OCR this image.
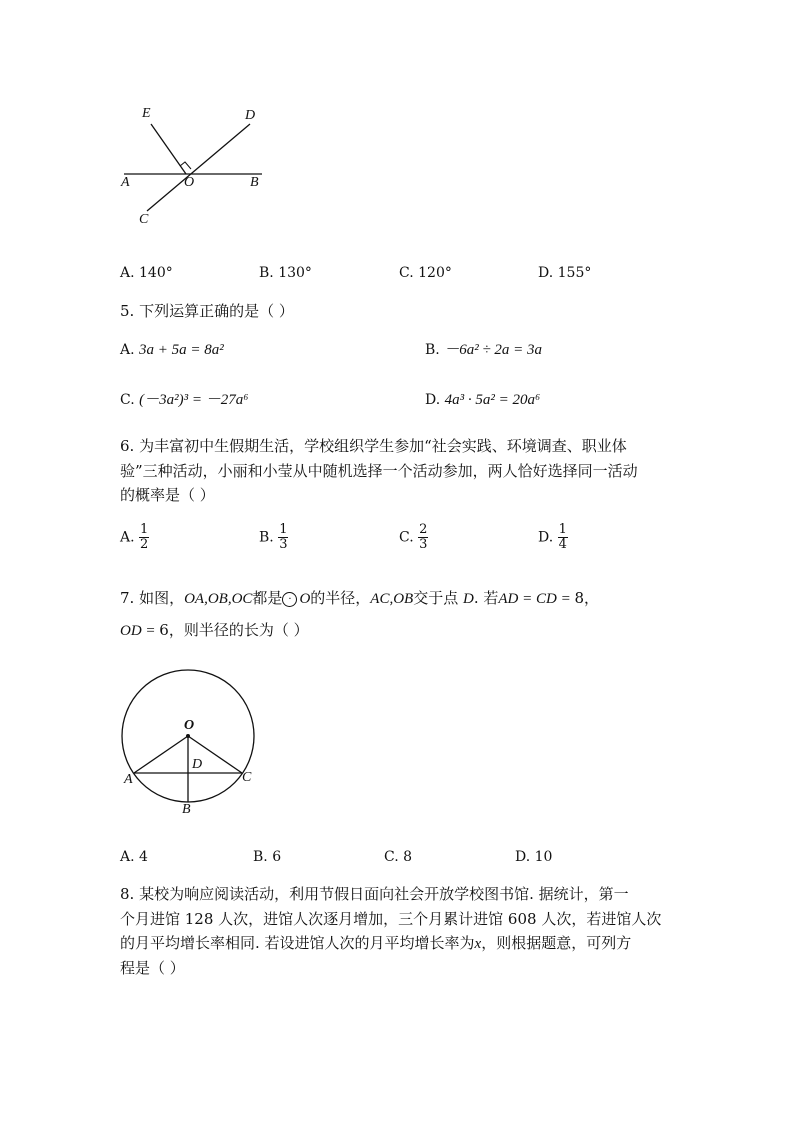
E	D
A	O	B
C
A. 140°	B. 130°	C. 120°	D. 155°
5. 下列运算正确的是（ ）
A. 3a + 5a = 8a²	B. －6a² ÷ 2a = 3a
C. (－3a²)³ = －27a⁶	D. 4a³ · 5a² = 20a⁶
6. 为丰富初中生假期生活，学校组织学生参加“社会实践、环境调查、职业体
验”三种活动，小丽和小莹从中随机选择一个活动参加，两人恰好选择同一活动
的概率是（ ）
A. $\frac{1}{2}$	B. $\frac{1}{3}$	C. $\frac{2}{3}$	D. $\frac{1}{4}$
7. 如图，OA,OB,OC都是 · O的半径，AC,OB交于点 D. 若AD = CD = 8，
OD = 6，则半径的长为（ ）
O
D
A	C
B
A. 4	B. 6	C. 8	D. 10
8. 某校为响应阅读活动，利用节假日面向社会开放学校图书馆. 据统计，第一
个月进馆 128 人次，进馆人次逐月增加，三个月累计进馆 608 人次，若进馆人次
的月平均增长率相同. 若设进馆人次的月平均增长率为x，则根据题意，可列方
程是（ ）
